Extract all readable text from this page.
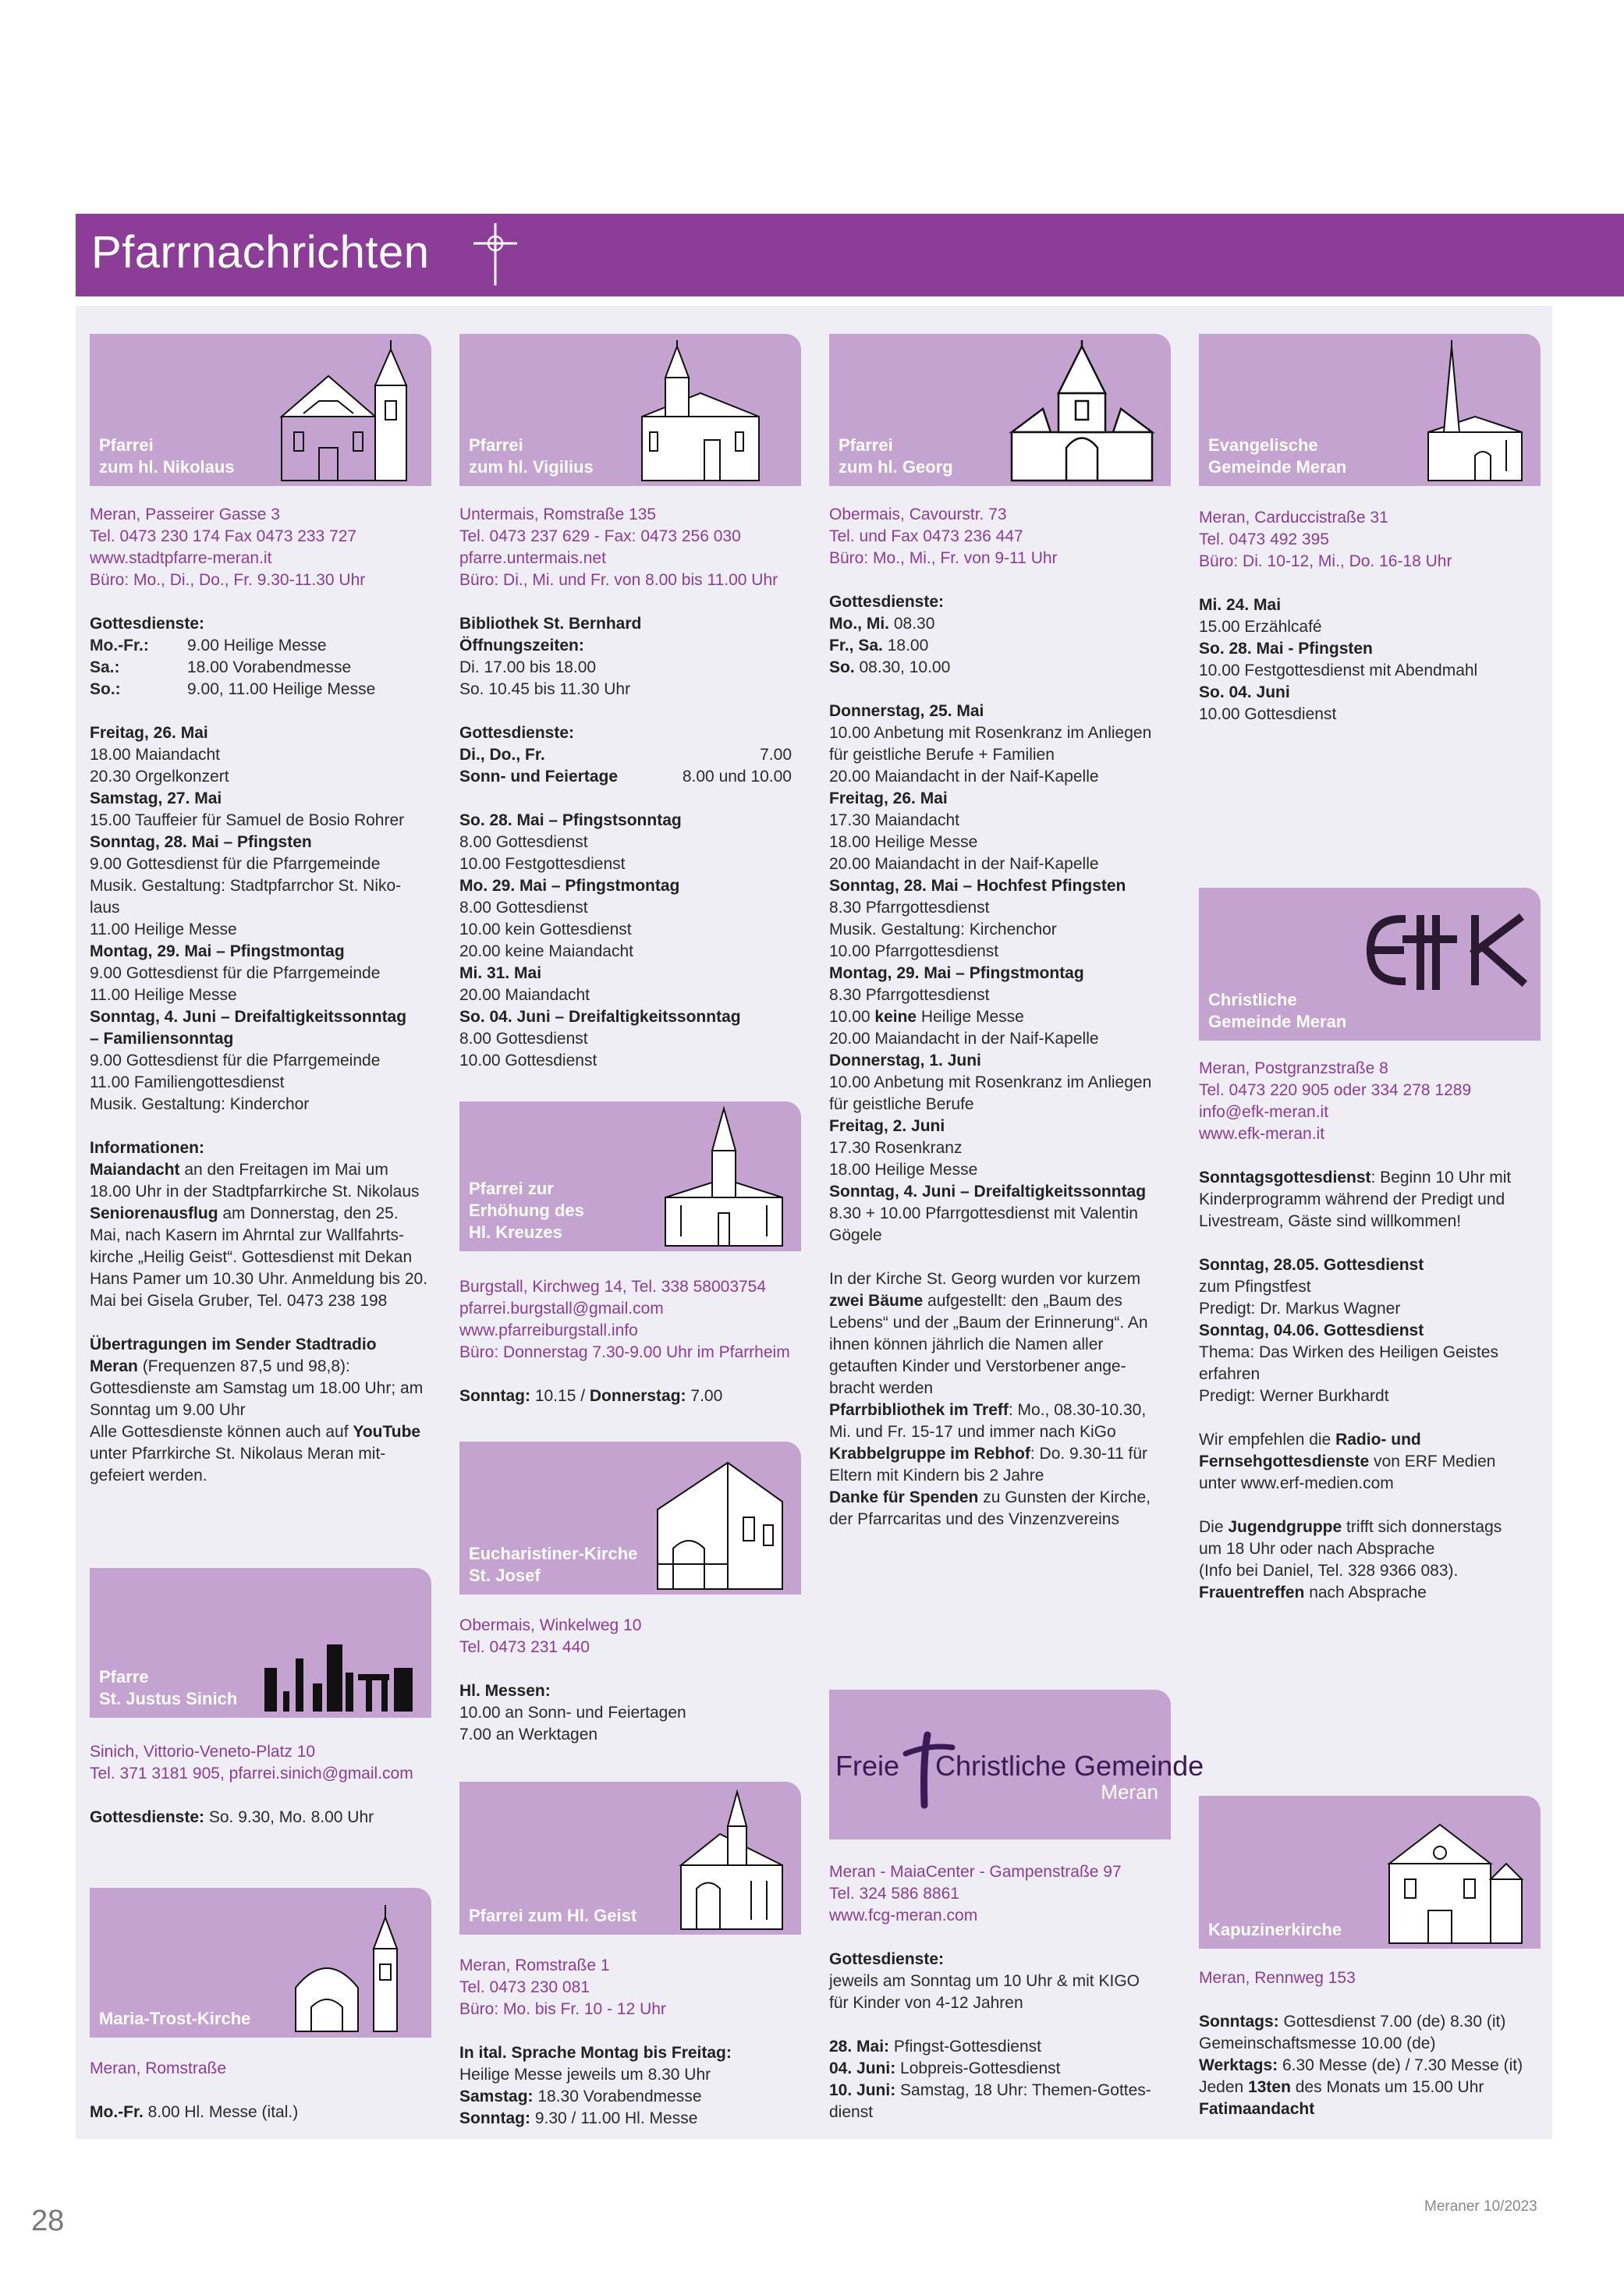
Pfarrnachrichten
Pfarrei
zum hl. Nikolaus
Meran, Passeirer Gasse 3
Tel. 0473 230 174 Fax 0473 233 727
www.stadtpfarre-meran.it
Büro: Mo., Di., Do., Fr. 9.30-11.30 Uhr
Gottesdienste:
Mo.-Fr.: 9.00 Heilige Messe
Sa.:	18.00 Vorabendmesse
So.:	9.00, 11.00 Heilige Messe
Freitag, 26. Mai
18.00 Maiandacht
20.30 Orgelkonzert
Samstag, 27. Mai
15.00 Tauffeier für Samuel de Bosio Rohrer
Sonntag, 28. Mai – Pfingsten
9.00 Gottesdienst für die Pfarrgemeinde
Musik. Gestaltung: Stadtpfarrchor St. Niko-
laus
11.00 Heilige Messe
Montag, 29. Mai – Pfingstmontag
9.00 Gottesdienst für die Pfarrgemeinde
11.00 Heilige Messe
Sonntag, 4. Juni – Dreifaltigkeitssonntag
– Familiensonntag
9.00 Gottesdienst für die Pfarrgemeinde
11.00 Familiengottesdienst
Musik. Gestaltung: Kinderchor
Informationen:
Maiandacht an den Freitagen im Mai um
18.00 Uhr in der Stadtpfarrkirche St. Nikolaus
Seniorenausflug am Donnerstag, den 25.
Mai, nach Kasern im Ahrntal zur Wallfahrts-
kirche „Heilig Geist“. Gottesdienst mit Dekan
Hans Pamer um 10.30 Uhr. Anmeldung bis 20.
Mai bei Gisela Gruber, Tel. 0473 238 198
Übertragungen im Sender Stadtradio
Meran (Frequenzen 87,5 und 98,8):
Gottesdienste am Samstag um 18.00 Uhr; am
Sonntag um 9.00 Uhr
Alle Gottesdienste können auch auf YouTube
unter Pfarrkirche St. Nikolaus Meran mit-
gefeiert werden.
Pfarre
St. Justus Sinich
Sinich, Vittorio-Veneto-Platz 10
Tel. 371 3181 905, pfarrei.sinich@gmail.com
Gottesdienste: So. 9.30, Mo. 8.00 Uhr
Maria-Trost-Kirche
Meran, Romstraße
Mo.-Fr. 8.00 Hl. Messe (ital.)
Pfarrei
zum hl. Vigilius
Untermais, Romstraße 135
Tel. 0473 237 629 - Fax: 0473 256 030
pfarre.untermais.net
Büro: Di., Mi. und Fr. von 8.00 bis 11.00 Uhr
Bibliothek St. Bernhard
Öffnungszeiten:
Di. 17.00 bis 18.00
So. 10.45 bis 11.30 Uhr
Gottesdienste:
Di., Do., Fr.	7.00
Sonn- und Feiertage	8.00 und 10.00
So. 28. Mai – Pfingstsonntag
8.00 Gottesdienst
10.00 Festgottesdienst
Mo. 29. Mai – Pfingstmontag
8.00 Gottesdienst
10.00 kein Gottesdienst
20.00 keine Maiandacht
Mi. 31. Mai
20.00 Maiandacht
So. 04. Juni – Dreifaltigkeitssonntag
8.00 Gottesdienst
10.00 Gottesdienst
Pfarrei zur
Erhöhung des
Hl. Kreuzes
Burgstall, Kirchweg 14, Tel. 338 58003754
pfarrei.burgstall@gmail.com
www.pfarreiburgstall.info
Büro: Donnerstag 7.30-9.00 Uhr im Pfarrheim
Sonntag: 10.15 / Donnerstag: 7.00
Eucharistiner-Kirche
St. Josef
Obermais, Winkelweg 10
Tel. 0473 231 440
Hl. Messen:
10.00 an Sonn- und Feiertagen
7.00 an Werktagen
Pfarrei zum Hl. Geist
Meran, Romstraße 1
Tel. 0473 230 081
Büro: Mo. bis Fr. 10 - 12 Uhr
In ital. Sprache Montag bis Freitag:
Heilige Messe jeweils um 8.30 Uhr
Samstag: 18.30 Vorabendmesse
Sonntag: 9.30 / 11.00 Hl. Messe
Pfarrei
zum hl. Georg
Obermais, Cavourstr. 73
Tel. und Fax 0473 236 447
Büro: Mo., Mi., Fr. von 9-11 Uhr
Gottesdienste:
Mo., Mi. 08.30
Fr., Sa. 18.00
So. 08.30, 10.00
Donnerstag, 25. Mai
10.00 Anbetung mit Rosenkranz im Anliegen
für geistliche Berufe + Familien
20.00 Maiandacht in der Naif-Kapelle
Freitag, 26. Mai
17.30 Maiandacht
18.00 Heilige Messe
20.00 Maiandacht in der Naif-Kapelle
Sonntag, 28. Mai – Hochfest Pfingsten
8.30 Pfarrgottesdienst
Musik. Gestaltung: Kirchenchor
10.00 Pfarrgottesdienst
Montag, 29. Mai – Pfingstmontag
8.30 Pfarrgottesdienst
10.00 keine Heilige Messe
20.00 Maiandacht in der Naif-Kapelle
Donnerstag, 1. Juni
10.00 Anbetung mit Rosenkranz im Anliegen
für geistliche Berufe
Freitag, 2. Juni
17.30 Rosenkranz
18.00 Heilige Messe
Sonntag, 4. Juni – Dreifaltigkeitssonntag
8.30 + 10.00 Pfarrgottesdienst mit Valentin
Gögele
In der Kirche St. Georg wurden vor kurzem
zwei Bäume aufgestellt: den „Baum des
Lebens“ und der „Baum der Erinnerung“. An
ihnen können jährlich die Namen aller
getauften Kinder und Verstorbener ange-
bracht werden
Pfarrbibliothek im Treff: Mo., 08.30-10.30,
Mi. und Fr. 15-17 und immer nach KiGo
Krabbelgruppe im Rebhof: Do. 9.30-11 für
Eltern mit Kindern bis 2 Jahre
Danke für Spenden zu Gunsten der Kirche,
der Pfarrcaritas und des Vinzenzvereins
Freie Christliche Gemeinde
Meran
Meran - MaiaCenter - Gampenstraße 97
Tel. 324 586 8861
www.fcg-meran.com
Gottesdienste:
jeweils am Sonntag um 10 Uhr & mit KIGO
für Kinder von 4-12 Jahren
28. Mai: Pfingst-Gottesdienst
04. Juni: Lobpreis-Gottesdienst
10. Juni: Samstag, 18 Uhr: Themen-Gottes-
dienst
Evangelische
Gemeinde Meran
Meran, Carduccistraße 31
Tel. 0473 492 395
Büro: Di. 10-12, Mi., Do. 16-18 Uhr
Mi. 24. Mai
15.00 Erzählcafé
So. 28. Mai - Pfingsten
10.00 Festgottesdienst mit Abendmahl
So. 04. Juni
10.00 Gottesdienst
Christliche
Gemeinde Meran
Meran, Postgranzstraße 8
Tel. 0473 220 905 oder 334 278 1289
info@efk-meran.it
www.efk-meran.it
Sonntagsgottesdienst: Beginn 10 Uhr mit
Kinderprogramm während der Predigt und
Livestream, Gäste sind willkommen!
Sonntag, 28.05. Gottesdienst
zum Pfingstfest
Predigt: Dr. Markus Wagner
Sonntag, 04.06. Gottesdienst
Thema: Das Wirken des Heiligen Geistes
erfahren
Predigt: Werner Burkhardt
Wir empfehlen die Radio- und
Fernsehgottesdienste von ERF Medien
unter www.erf-medien.com
Die Jugendgruppe trifft sich donnerstags
um 18 Uhr oder nach Absprache
(Info bei Daniel, Tel. 328 9366 083).
Frauentreffen nach Absprache
Kapuzinerkirche
Meran, Rennweg 153
Sonntags: Gottesdienst 7.00 (de) 8.30 (it)
Gemeinschaftsmesse 10.00 (de)
Werktags: 6.30 Messe (de) / 7.30 Messe (it)
Jeden 13ten des Monats um 15.00 Uhr
Fatimaandacht
28	Meraner 10/2023
